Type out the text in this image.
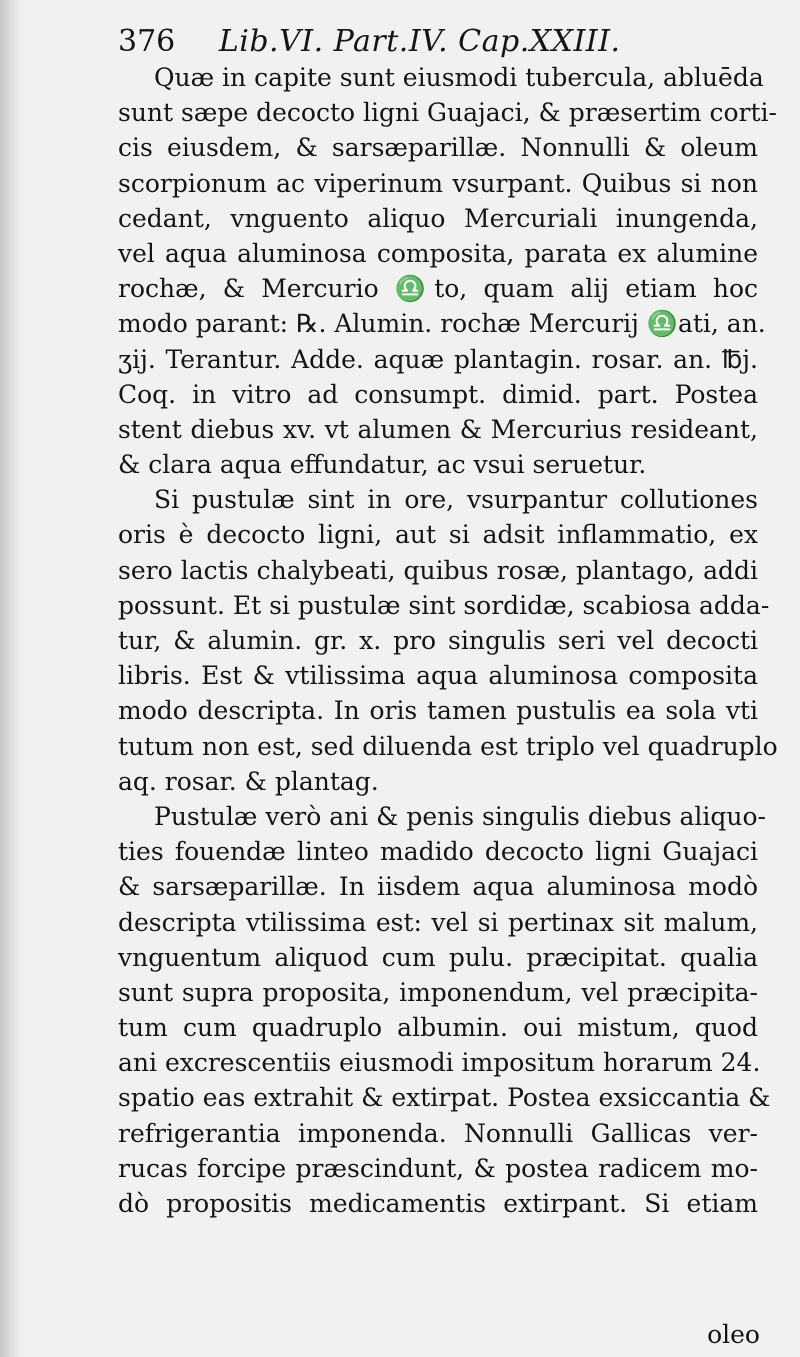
376 Lib.VI. Part.IV. Cap.XXIII.
Quæ in capite sunt eiusmodi tubercula, abluēda
sunt sæpe decocto ligni Guajaci, & præsertim corti-
cis eiusdem, & sarsæparillæ. Nonnulli & oleum
scorpionum ac viperinum vsurpant. Quibus si non
cedant, vnguento aliquo Mercuriali inungenda,
vel aqua aluminosa composita, parata ex alumine
rochæ, & Mercurio ♎to, quam alij etiam hoc
modo parant: ℞. Alumin. rochæ Mercurij ♎ati, an.
ʒij. Terantur. Adde. aquæ plantagin. rosar. an. ℔j.
Coq. in vitro ad consumpt. dimid. part. Postea
stent diebus xv. vt alumen & Mercurius resideant,
& clara aqua effundatur, ac vsui seruetur.
Si pustulæ sint in ore, vsurpantur collutiones
oris è decocto ligni, aut si adsit inflammatio, ex
sero lactis chalybeati, quibus rosæ, plantago, addi
possunt. Et si pustulæ sint sordidæ, scabiosa adda-
tur, & alumin. gr. x. pro singulis seri vel decocti
libris. Est & vtilissima aqua aluminosa composita
modo descripta. In oris tamen pustulis ea sola vti
tutum non est, sed diluenda est triplo vel quadruplo
aq. rosar. & plantag.
Pustulæ verò ani & penis singulis diebus aliquo-
ties fouendæ linteo madido decocto ligni Guajaci
& sarsæparillæ. In iisdem aqua aluminosa modò
descripta vtilissima est: vel si pertinax sit malum,
vnguentum aliquod cum pulu. præcipitat. qualia
sunt supra proposita, imponendum, vel præcipita-
tum cum quadruplo albumin. oui mistum, quod
ani excrescentiis eiusmodi impositum horarum 24.
spatio eas extrahit & extirpat. Postea exsiccantia &
refrigerantia imponenda. Nonnulli Gallicas ver-
rucas forcipe præscindunt, & postea radicem mo-
dò propositis medicamentis extirpant. Si etiam
oleo
